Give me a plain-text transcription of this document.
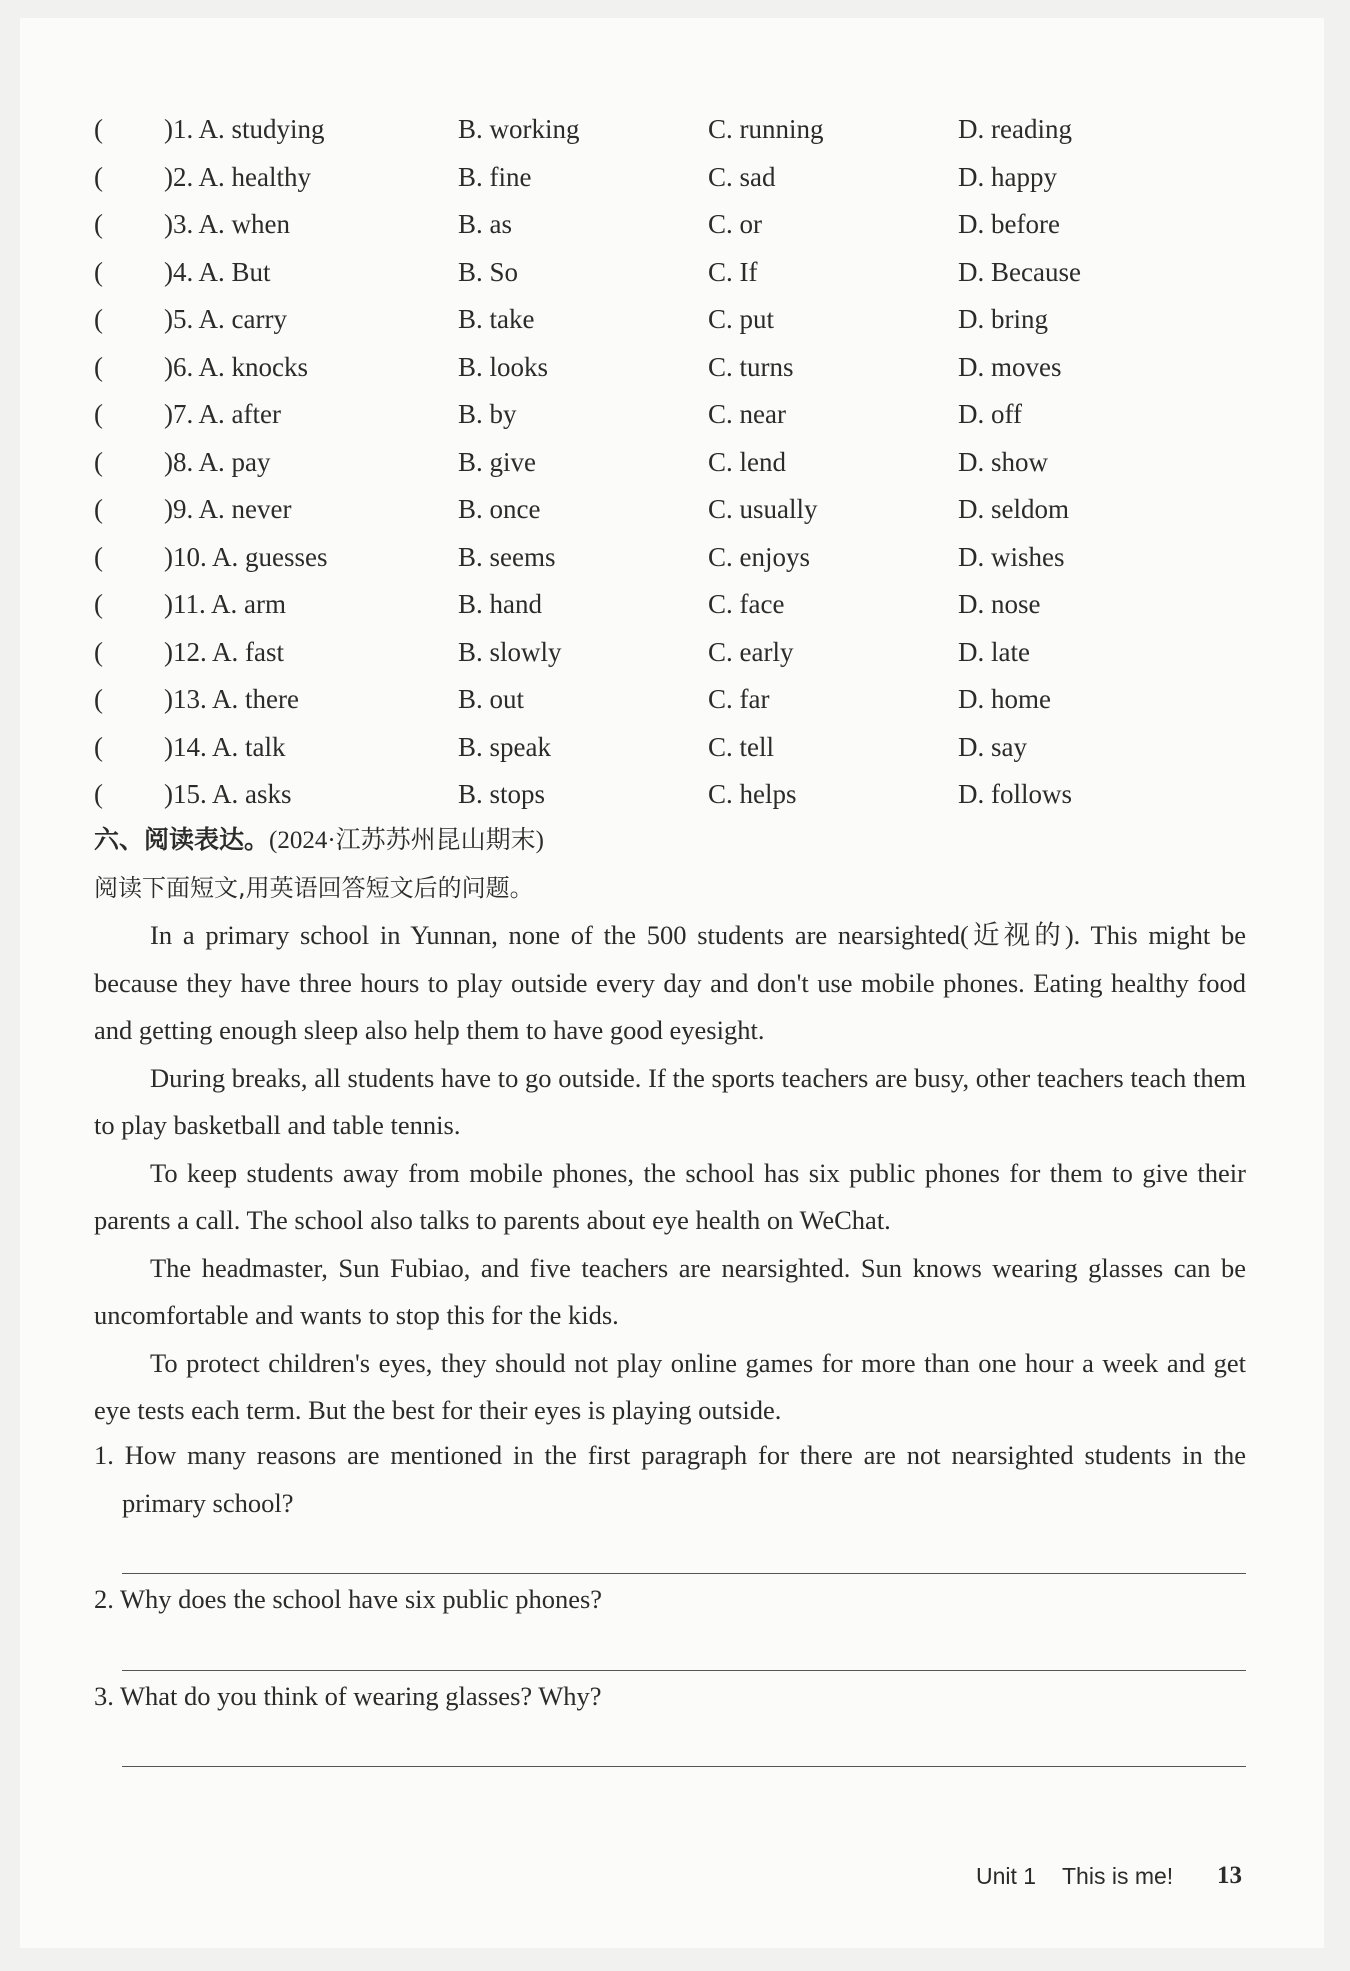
( )1. A. studying	B. working	C. running	D. reading
( )2. A. healthy	B. fine	C. sad	D. happy
( )3. A. when	B. as	C. or	D. before
( )4. A. But	B. So	C. If	D. Because
( )5. A. carry	B. take	C. put	D. bring
( )6. A. knocks	B. looks	C. turns	D. moves
( )7. A. after	B. by	C. near	D. off
( )8. A. pay	B. give	C. lend	D. show
( )9. A. never	B. once	C. usually	D. seldom
( )10. A. guesses	B. seems	C. enjoys	D. wishes
( )11. A. arm	B. hand	C. face	D. nose
( )12. A. fast	B. slowly	C. early	D. late
( )13. A. there	B. out	C. far	D. home
( )14. A. talk	B. speak	C. tell	D. say
( )15. A. asks	B. stops	C. helps	D. follows
六、阅读表达。(2024·江苏苏州昆山期末)
阅读下面短文,用英语回答短文后的问题。

In a primary school in Yunnan, none of the 500 students are nearsighted(近视的). This might be because they have three hours to play outside every day and don't use mobile phones. Eating healthy food and getting enough sleep also help them to have good eyesight.

During breaks, all students have to go outside. If the sports teachers are busy, other teachers teach them to play basketball and table tennis.

To keep students away from mobile phones, the school has six public phones for them to give their parents a call. The school also talks to parents about eye health on WeChat.

The headmaster, Sun Fubiao, and five teachers are nearsighted. Sun knows wearing glasses can be uncomfortable and wants to stop this for the kids.

To protect children's eyes, they should not play online games for more than one hour a week and get eye tests each term. But the best for their eyes is playing outside.

1. How many reasons are mentioned in the first paragraph for there are not nearsighted students in the primary school?
2. Why does the school have six public phones?
3. What do you think of wearing glasses? Why?
Unit 1 This is me! 13
